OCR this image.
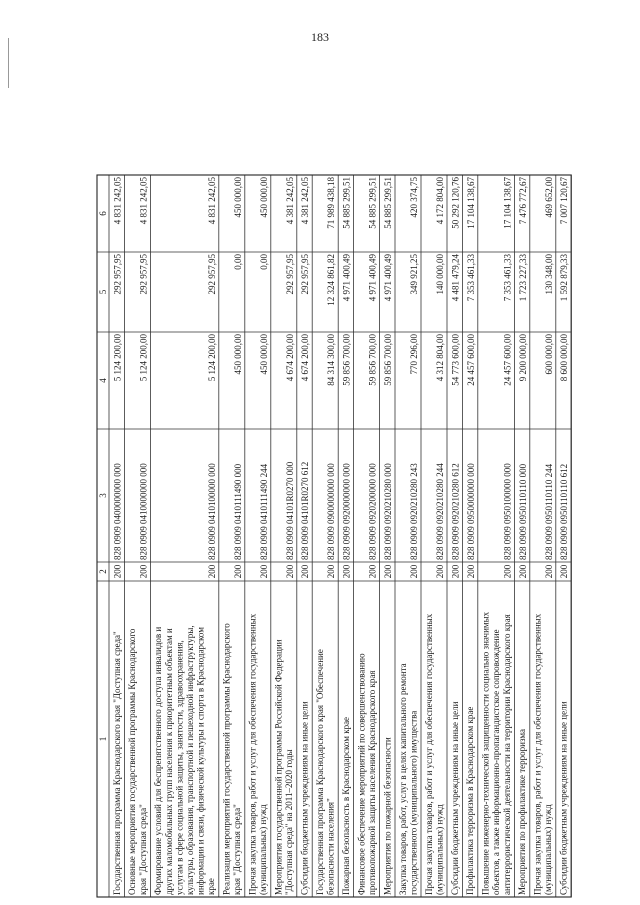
183
1
2
3
4
5
6
Государственная программа Краснодарского края "Доступная среда"
200
828 0909 0400000000 000
5 124 200,00
292 957,95
4 831 242,05
Основные мероприятия государственной программы Краснодарского края "Доступная среда"
200
828 0909 0410000000 000
5 124 200,00
292 957,95
4 831 242,05
Формирование условий для беспрепятственного доступа инвалидов и других маломобильных групп населения к приоритетным объектам и услугам в сфере социальной защиты, занятости, здравоохранения, культуры, образования, транспортной и пешеходной инфраструктуры, информации и связи, физической культуры и спорта в Краснодарском крае
200
828 0909 0410100000 000
5 124 200,00
292 957,95
4 831 242,05
Реализация мероприятий государственной программы Краснодарского края "Доступная среда"
200
828 0909 0410111490 000
450 000,00
0,00
450 000,00
Прочая закупка товаров, работ и услуг для обеспечения государственных (муниципальных) нужд
200
828 0909 0410111490 244
450 000,00
0,00
450 000,00
Мероприятия государственной программы Российской Федерации "Доступная среда" на 2011–2020 годы
200
828 0909 04101R0270 000
4 674 200,00
292 957,95
4 381 242,05
Субсидии бюджетным учреждениям на иные цели
200
828 0909 04101R0270 612
4 674 200,00
292 957,95
4 381 242,05
Государственная программа Краснодарского края "Обеспечение безопасности населения"
200
828 0909 0900000000 000
84 314 300,00
12 324 861,82
71 989 438,18
Пожарная безопасность в Краснодарском крае
200
828 0909 0920000000 000
59 856 700,00
4 971 400,49
54 885 299,51
Финансовое обеспечение мероприятий по совершенствованию противопожарной защиты населения Краснодарского края
200
828 0909 0920200000 000
59 856 700,00
4 971 400,49
54 885 299,51
Мероприятия по пожарной безопасности
200
828 0909 0920210280 000
59 856 700,00
4 971 400,49
54 885 299,51
Закупка товаров, работ, услуг в целях капитального ремонта государственного (муниципального) имущества
200
828 0909 0920210280 243
770 296,00
349 921,25
420 374,75
Прочая закупка товаров, работ и услуг для обеспечения государственных (муниципальных) нужд
200
828 0909 0920210280 244
4 312 804,00
140 000,00
4 172 804,00
Субсидии бюджетным учреждениям на иные цели
200
828 0909 0920210280 612
54 773 600,00
4 481 479,24
50 292 120,76
Профилактика терроризма в Краснодарском крае
200
828 0909 0950000000 000
24 457 600,00
7 353 461,33
17 104 138,67
Повышение инженерно-технической защищенности социально значимых объектов, а также информационно-пропагандистское сопровождение антитеррористической деятельности на территории Краснодарского края
200
828 0909 0950100000 000
24 457 600,00
7 353 461,33
17 104 138,67
Мероприятия по профилактике терроризма
200
828 0909 0950110110 000
9 200 000,00
1 723 227,33
7 476 772,67
Прочая закупка товаров, работ и услуг для обеспечения государственных (муниципальных) нужд
200
828 0909 0950110110 244
600 000,00
130 348,00
469 652,00
Субсидии бюджетным учреждениям на иные цели
200
828 0909 0950110110 612
8 600 000,00
1 592 879,33
7 007 120,67
